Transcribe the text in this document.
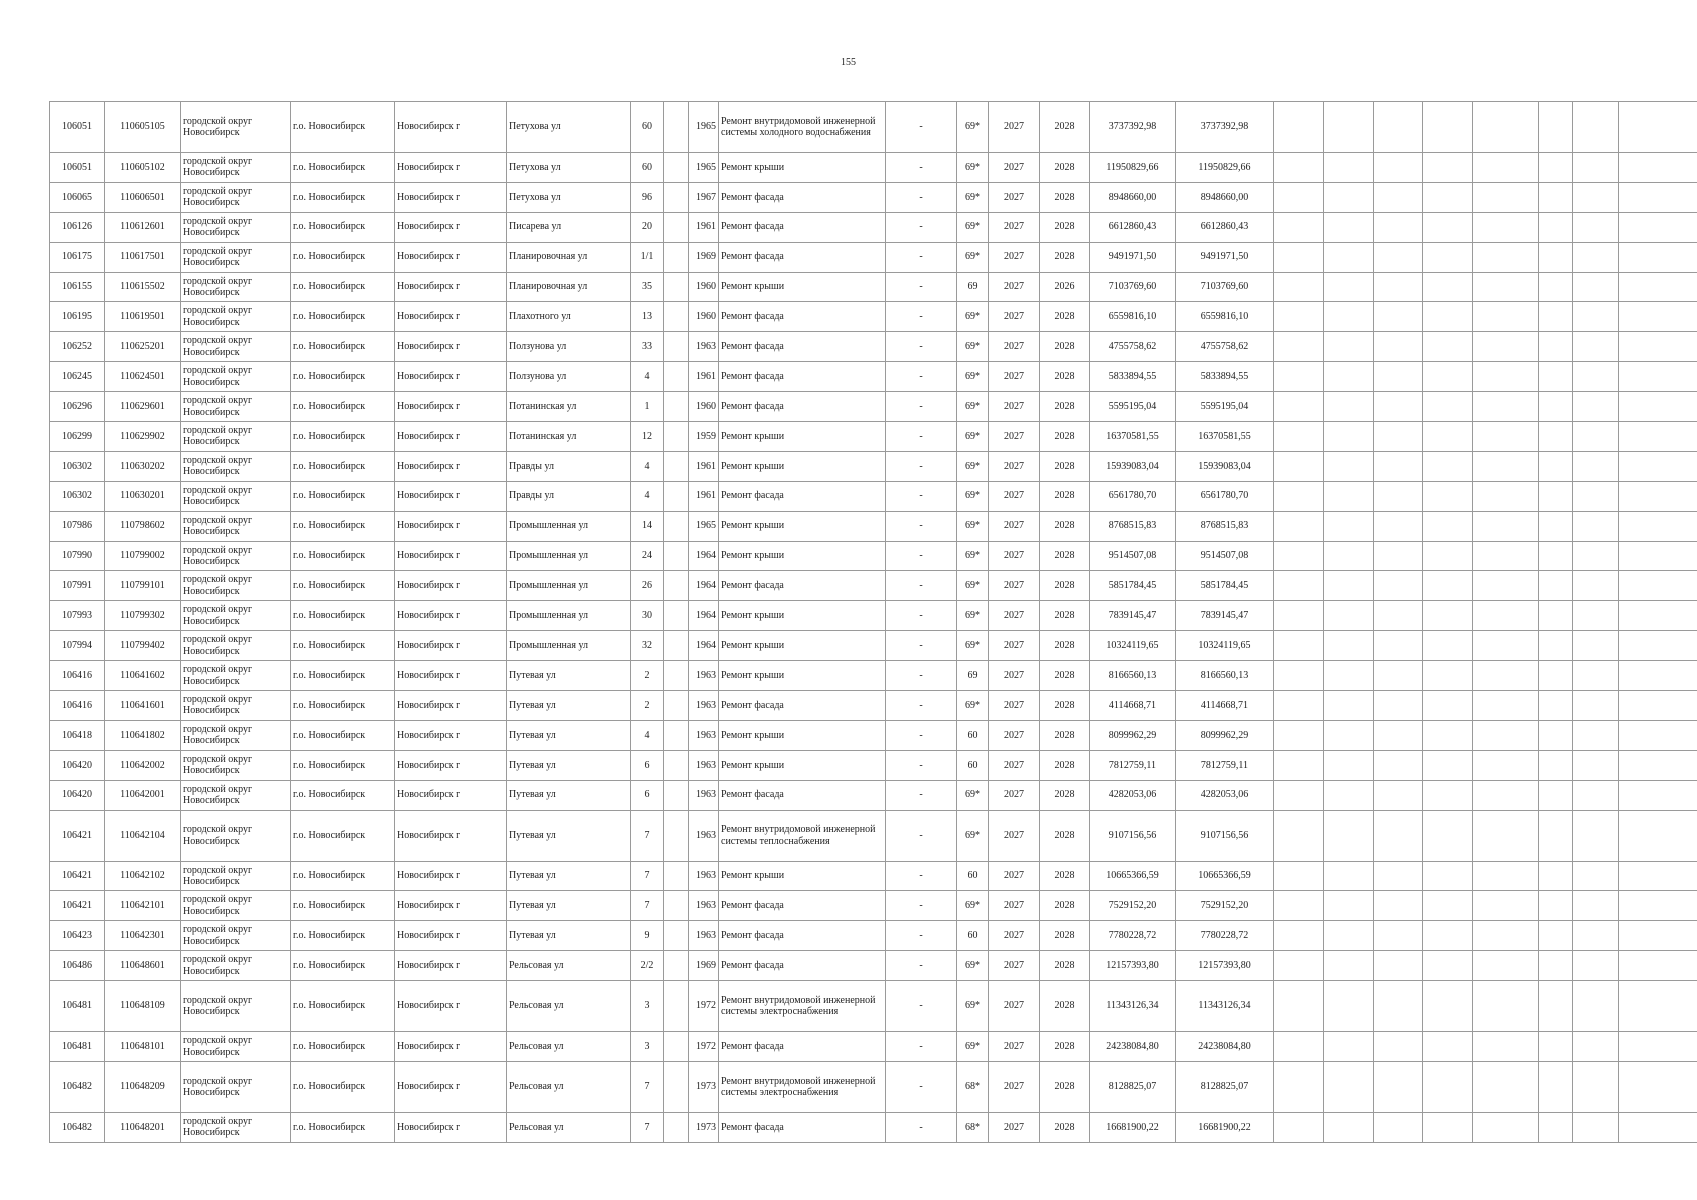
155
106051	110605105	городской округ Новосибирск	г.о. Новосибирск	Новосибирск г	Петухова ул	60		1965	Ремонт внутридомовой инженерной системы холодного водоснабжения	-	69*	2027	2028	3737392,98	3737392,98								
106051	110605102	городской округ Новосибирск	г.о. Новосибирск	Новосибирск г	Петухова ул	60		1965	Ремонт крыши	-	69*	2027	2028	11950829,66	11950829,66								
106065	110606501	городской округ Новосибирск	г.о. Новосибирск	Новосибирск г	Петухова ул	96		1967	Ремонт фасада	-	69*	2027	2028	8948660,00	8948660,00								
106126	110612601	городской округ Новосибирск	г.о. Новосибирск	Новосибирск г	Писарева ул	20		1961	Ремонт фасада	-	69*	2027	2028	6612860,43	6612860,43								
106175	110617501	городской округ Новосибирск	г.о. Новосибирск	Новосибирск г	Планировочная ул	1/1		1969	Ремонт фасада	-	69*	2027	2028	9491971,50	9491971,50								
106155	110615502	городской округ Новосибирск	г.о. Новосибирск	Новосибирск г	Планировочная ул	35		1960	Ремонт крыши	-	69	2027	2026	7103769,60	7103769,60								
106195	110619501	городской округ Новосибирск	г.о. Новосибирск	Новосибирск г	Плахотного ул	13		1960	Ремонт фасада	-	69*	2027	2028	6559816,10	6559816,10								
106252	110625201	городской округ Новосибирск	г.о. Новосибирск	Новосибирск г	Ползунова ул	33		1963	Ремонт фасада	-	69*	2027	2028	4755758,62	4755758,62								
106245	110624501	городской округ Новосибирск	г.о. Новосибирск	Новосибирск г	Ползунова ул	4		1961	Ремонт фасада	-	69*	2027	2028	5833894,55	5833894,55								
106296	110629601	городской округ Новосибирск	г.о. Новосибирск	Новосибирск г	Потанинская ул	1		1960	Ремонт фасада	-	69*	2027	2028	5595195,04	5595195,04								
106299	110629902	городской округ Новосибирск	г.о. Новосибирск	Новосибирск г	Потанинская ул	12		1959	Ремонт крыши	-	69*	2027	2028	16370581,55	16370581,55								
106302	110630202	городской округ Новосибирск	г.о. Новосибирск	Новосибирск г	Правды ул	4		1961	Ремонт крыши	-	69*	2027	2028	15939083,04	15939083,04								
106302	110630201	городской округ Новосибирск	г.о. Новосибирск	Новосибирск г	Правды ул	4		1961	Ремонт фасада	-	69*	2027	2028	6561780,70	6561780,70								
107986	110798602	городской округ Новосибирск	г.о. Новосибирск	Новосибирск г	Промышленная ул	14		1965	Ремонт крыши	-	69*	2027	2028	8768515,83	8768515,83								
107990	110799002	городской округ Новосибирск	г.о. Новосибирск	Новосибирск г	Промышленная ул	24		1964	Ремонт крыши	-	69*	2027	2028	9514507,08	9514507,08								
107991	110799101	городской округ Новосибирск	г.о. Новосибирск	Новосибирск г	Промышленная ул	26		1964	Ремонт фасада	-	69*	2027	2028	5851784,45	5851784,45								
107993	110799302	городской округ Новосибирск	г.о. Новосибирск	Новосибирск г	Промышленная ул	30		1964	Ремонт крыши	-	69*	2027	2028	7839145,47	7839145,47								
107994	110799402	городской округ Новосибирск	г.о. Новосибирск	Новосибирск г	Промышленная ул	32		1964	Ремонт крыши	-	69*	2027	2028	10324119,65	10324119,65								
106416	110641602	городской округ Новосибирск	г.о. Новосибирск	Новосибирск г	Путевая ул	2		1963	Ремонт крыши	-	69	2027	2028	8166560,13	8166560,13								
106416	110641601	городской округ Новосибирск	г.о. Новосибирск	Новосибирск г	Путевая ул	2		1963	Ремонт фасада	-	69*	2027	2028	4114668,71	4114668,71								
106418	110641802	городской округ Новосибирск	г.о. Новосибирск	Новосибирск г	Путевая ул	4		1963	Ремонт крыши	-	60	2027	2028	8099962,29	8099962,29								
106420	110642002	городской округ Новосибирск	г.о. Новосибирск	Новосибирск г	Путевая ул	6		1963	Ремонт крыши	-	60	2027	2028	7812759,11	7812759,11								
106420	110642001	городской округ Новосибирск	г.о. Новосибирск	Новосибирск г	Путевая ул	6		1963	Ремонт фасада	-	69*	2027	2028	4282053,06	4282053,06								
106421	110642104	городской округ Новосибирск	г.о. Новосибирск	Новосибирск г	Путевая ул	7		1963	Ремонт внутридомовой инженерной системы теплоснабжения	-	69*	2027	2028	9107156,56	9107156,56								
106421	110642102	городской округ Новосибирск	г.о. Новосибирск	Новосибирск г	Путевая ул	7		1963	Ремонт крыши	-	60	2027	2028	10665366,59	10665366,59								
106421	110642101	городской округ Новосибирск	г.о. Новосибирск	Новосибирск г	Путевая ул	7		1963	Ремонт фасада	-	69*	2027	2028	7529152,20	7529152,20								
106423	110642301	городской округ Новосибирск	г.о. Новосибирск	Новосибирск г	Путевая ул	9		1963	Ремонт фасада	-	60	2027	2028	7780228,72	7780228,72								
106486	110648601	городской округ Новосибирск	г.о. Новосибирск	Новосибирск г	Рельсовая ул	2/2		1969	Ремонт фасада	-	69*	2027	2028	12157393,80	12157393,80								
106481	110648109	городской округ Новосибирск	г.о. Новосибирск	Новосибирск г	Рельсовая ул	3		1972	Ремонт внутридомовой инженерной системы электроснабжения	-	69*	2027	2028	11343126,34	11343126,34								
106481	110648101	городской округ Новосибирск	г.о. Новосибирск	Новосибирск г	Рельсовая ул	3		1972	Ремонт фасада	-	69*	2027	2028	24238084,80	24238084,80								
106482	110648209	городской округ Новосибирск	г.о. Новосибирск	Новосибирск г	Рельсовая ул	7		1973	Ремонт внутридомовой инженерной системы электроснабжения	-	68*	2027	2028	8128825,07	8128825,07								
106482	110648201	городской округ Новосибирск	г.о. Новосибирск	Новосибирск г	Рельсовая ул	7		1973	Ремонт фасада	-	68*	2027	2028	16681900,22	16681900,22								
